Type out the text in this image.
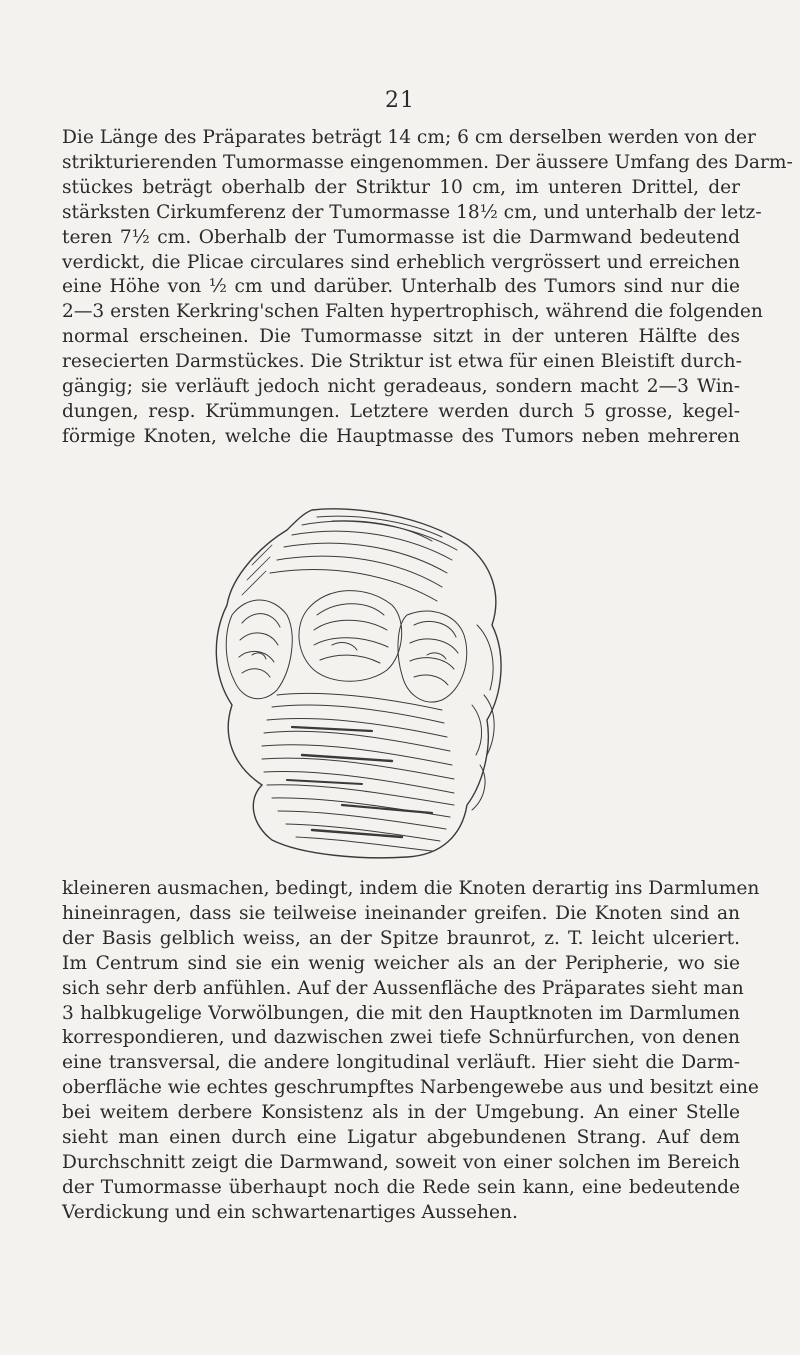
21
Die Länge des Präparates beträgt 14 cm; 6 cm derselben werden von der
strikturierenden Tumormasse eingenommen. Der äussere Umfang des Darm-
stückes beträgt oberhalb der Striktur 10 cm, im unteren Drittel, der
stärksten Cirkumferenz der Tumormasse 18½ cm, und unterhalb der letz-
teren 7½ cm. Oberhalb der Tumormasse ist die Darmwand bedeutend
verdickt, die Plicae circulares sind erheblich vergrössert und erreichen
eine Höhe von ½ cm und darüber. Unterhalb des Tumors sind nur die
2—3 ersten Kerkring'schen Falten hypertrophisch, während die folgenden
normal erscheinen. Die Tumormasse sitzt in der unteren Hälfte des
resecierten Darmstückes. Die Striktur ist etwa für einen Bleistift durch-
gängig; sie verläuft jedoch nicht geradeaus, sondern macht 2—3 Win-
dungen, resp. Krümmungen. Letztere werden durch 5 grosse, kegel-
förmige Knoten, welche die Hauptmasse des Tumors neben mehreren
kleineren ausmachen, bedingt, indem die Knoten derartig ins Darmlumen
hineinragen, dass sie teilweise ineinander greifen. Die Knoten sind an
der Basis gelblich weiss, an der Spitze braunrot, z. T. leicht ulceriert.
Im Centrum sind sie ein wenig weicher als an der Peripherie, wo sie
sich sehr derb anfühlen. Auf der Aussenfläche des Präparates sieht man
3 halbkugelige Vorwölbungen, die mit den Hauptknoten im Darmlumen
korrespondieren, und dazwischen zwei tiefe Schnürfurchen, von denen
eine transversal, die andere longitudinal verläuft. Hier sieht die Darm-
oberfläche wie echtes geschrumpftes Narbengewebe aus und besitzt eine
bei weitem derbere Konsistenz als in der Umgebung. An einer Stelle
sieht man einen durch eine Ligatur abgebundenen Strang. Auf dem
Durchschnitt zeigt die Darmwand, soweit von einer solchen im Bereich
der Tumormasse überhaupt noch die Rede sein kann, eine bedeutende
Verdickung und ein schwartenartiges Aussehen.
